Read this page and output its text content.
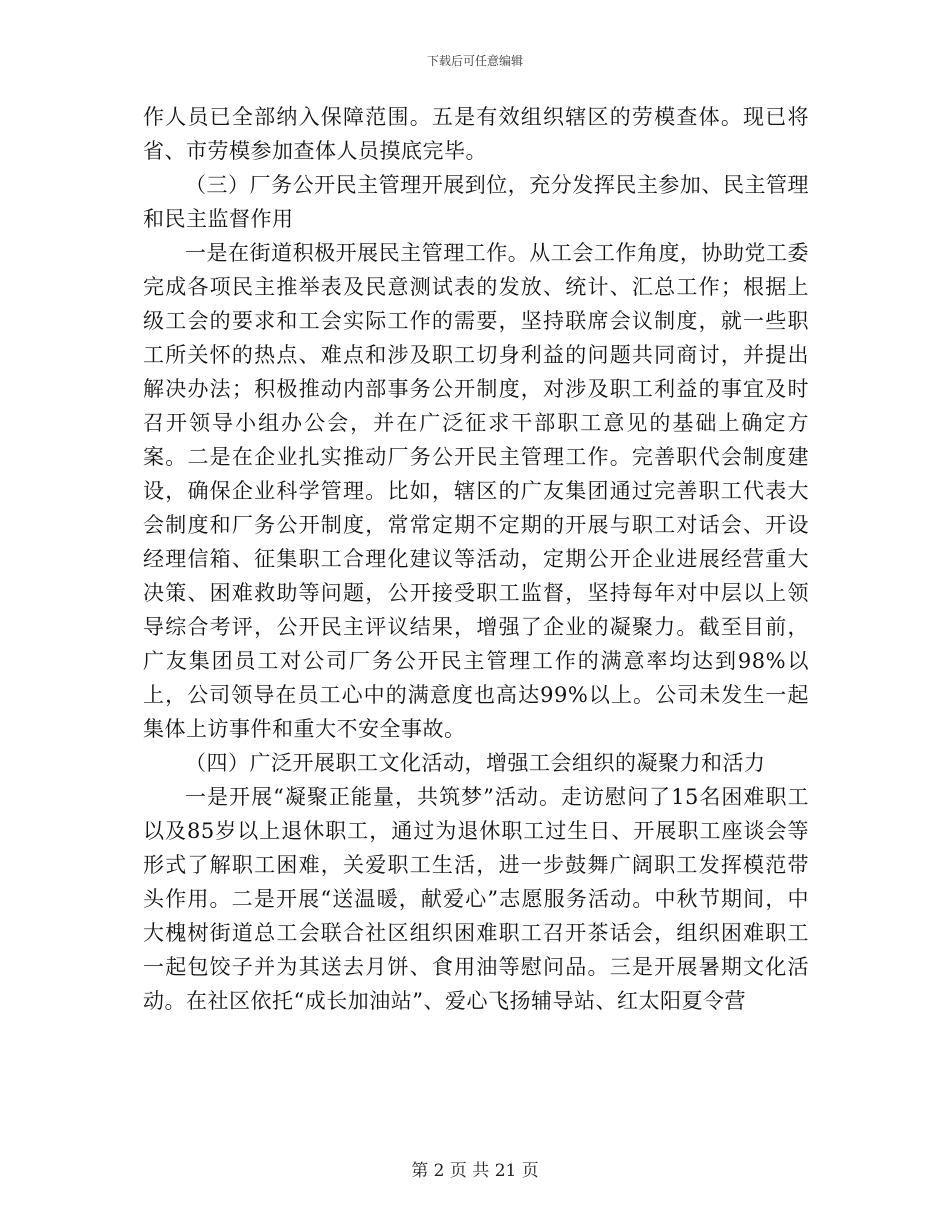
下载后可任意编辑

作人员已全部纳入保障范围。五是有效组织辖区的劳模查体。现已将省、市劳模参加查体人员摸底完毕。

（三）厂务公开民主管理开展到位，充分发挥民主参加、民主管理和民主监督作用

一是在街道积极开展民主管理工作。从工会工作角度，协助党工委完成各项民主推举表及民意测试表的发放、统计、汇总工作；根据上级工会的要求和工会实际工作的需要，坚持联席会议制度，就一些职工所关怀的热点、难点和涉及职工切身利益的问题共同商讨，并提出解决办法；积极推动内部事务公开制度，对涉及职工利益的事宜及时召开领导小组办公会，并在广泛征求干部职工意见的基础上确定方案。二是在企业扎实推动厂务公开民主管理工作。完善职代会制度建设，确保企业科学管理。比如，辖区的广友集团通过完善职工代表大会制度和厂务公开制度，常常定期不定期的开展与职工对话会、开设经理信箱、征集职工合理化建议等活动，定期公开企业进展经营重大决策、困难救助等问题，公开接受职工监督，坚持每年对中层以上领导综合考评，公开民主评议结果，增强了企业的凝聚力。截至目前，广友集团员工对公司厂务公开民主管理工作的满意率均达到98%以上，公司领导在员工心中的满意度也高达99%以上。公司未发生一起集体上访事件和重大不安全事故。

（四）广泛开展职工文化活动，增强工会组织的凝聚力和活力

一是开展“凝聚正能量，共筑梦”活动。走访慰问了15名困难职工以及85岁以上退休职工，通过为退休职工过生日、开展职工座谈会等形式了解职工困难，关爱职工生活，进一步鼓舞广阔职工发挥模范带头作用。二是开展“送温暖，献爱心”志愿服务活动。中秋节期间，中大槐树街道总工会联合社区组织困难职工召开茶话会，组织困难职工一起包饺子并为其送去月饼、食用油等慰问品。三是开展暑期文化活动。在社区依托“成长加油站”、爱心飞扬辅导站、红太阳夏令营

第 2 页 共 21 页
